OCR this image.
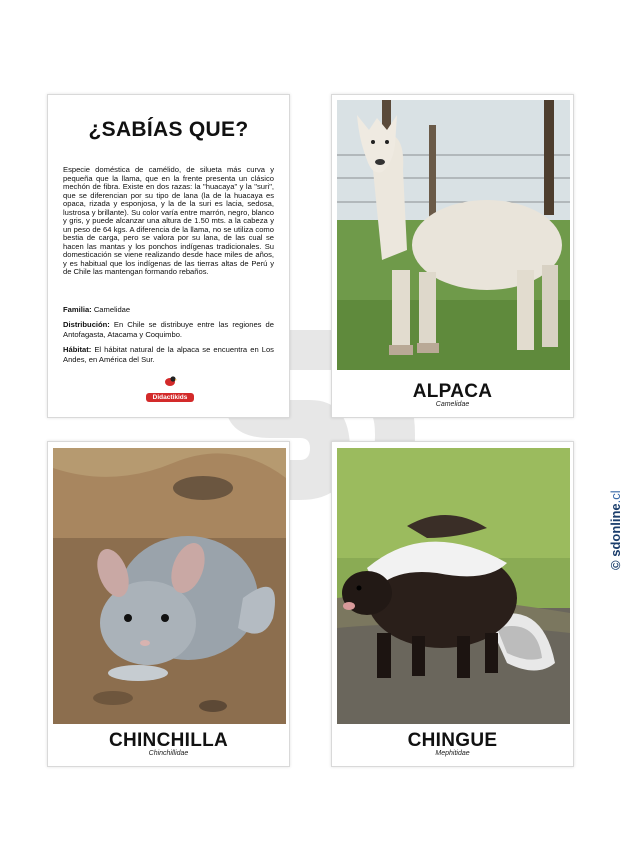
¿SABÍAS QUE?
Especie doméstica de camélido, de silueta más curva y pequeña que la llama, que en la frente presenta un clásico mechón de fibra. Existe en dos razas: la "huacaya" y la "suri", que se diferencian por su tipo de lana (la de la huacaya es opaca, rizada y esponjosa, y la de la suri es lacia, sedosa, lustrosa y brillante). Su color varía entre marrón, negro, blanco y gris, y puede alcanzar una altura de 1.50 mts. a la cabeza y un peso de 64 kgs. A diferencia de la llama, no se utiliza como bestia de carga, pero se valora por su lana, de las cual se hacen las mantas y los ponchos indígenas tradicionales. Su domesticación se viene realizando desde hace miles de años, y es habitual que los indígenas de las tierras altas de Perú y de Chile las mantengan formando rebaños.
Familia: Camelidae
Distribución: En Chile se distribuye entre las regiones de Antofagasta, Atacama y Coquimbo.
Hábitat: El hábitat natural de la alpaca se encuentra en Los Andes, en América del Sur.
Didactikids	ALPACA
Camelidae
CHINCHILLA
Chinchillidae
CHINGUE
Mephitidae
© sdonline.cl
